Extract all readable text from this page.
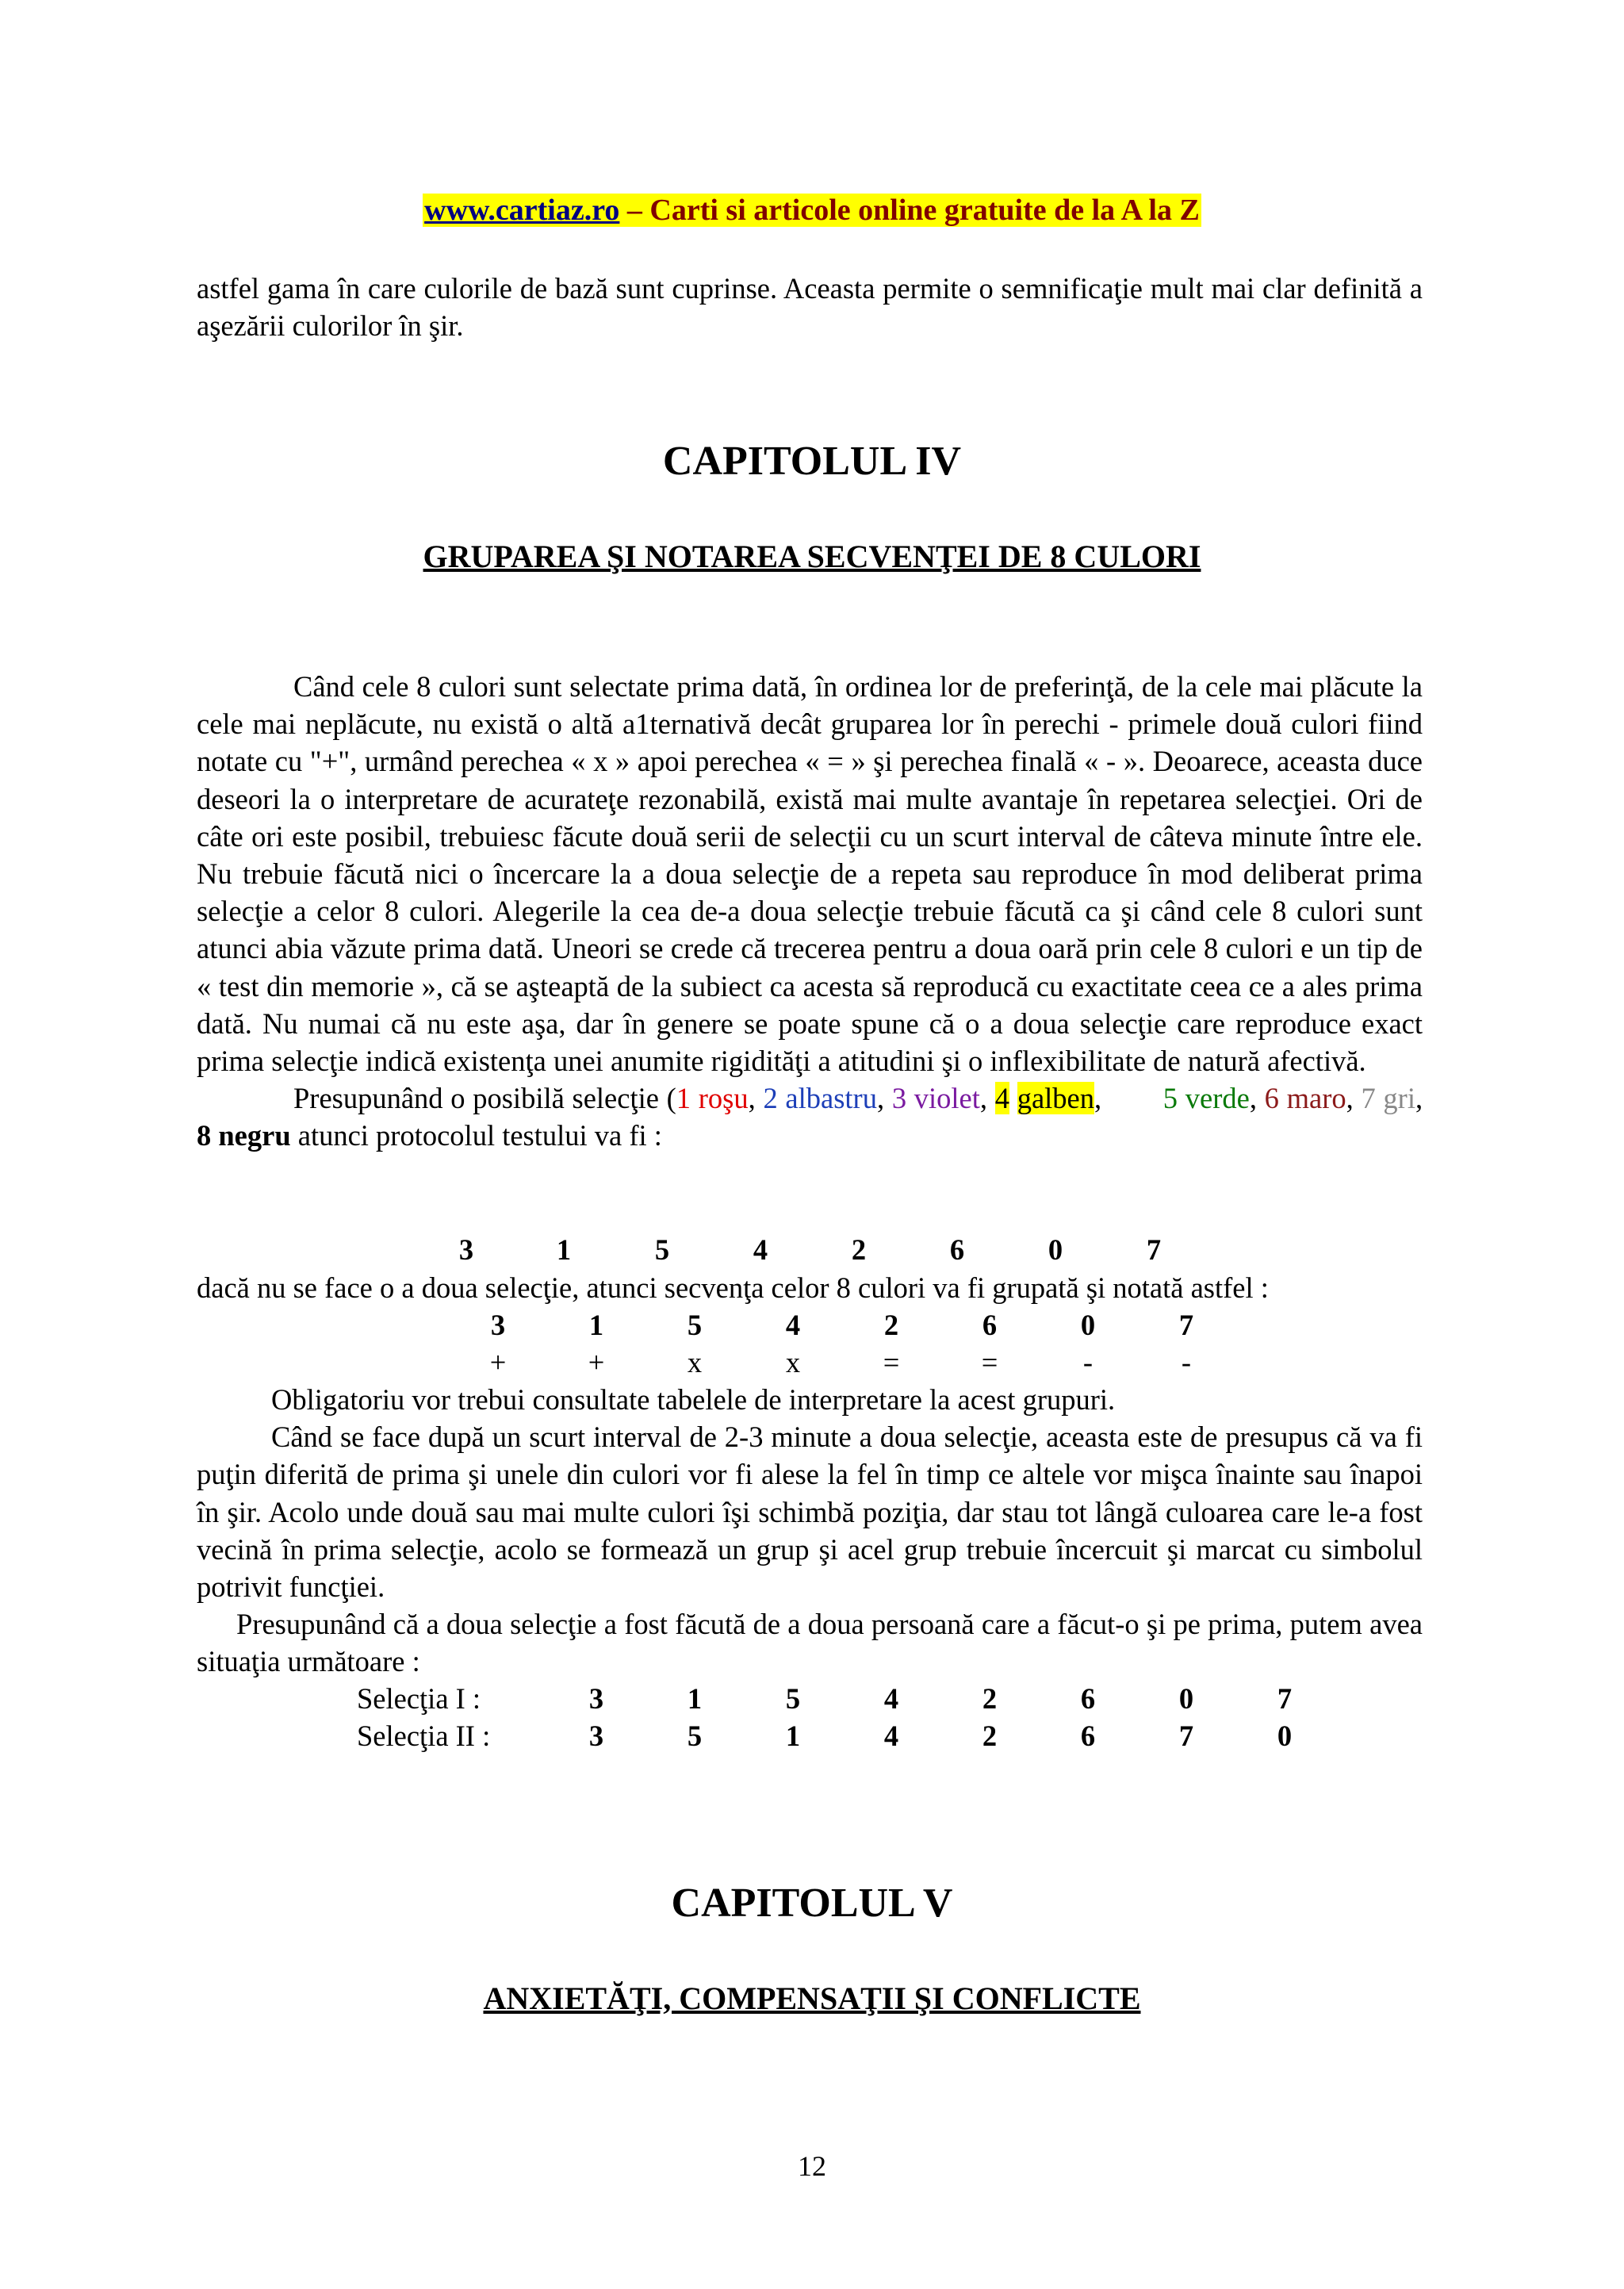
www.cartiaz.ro – Carti si articole online gratuite de la A la Z

astfel gama în care culorile de bază sunt cuprinse. Aceasta permite o semnificaţie mult mai clar definită a aşezării culorilor în şir.

CAPITOLUL IV
GRUPAREA ŞI NOTAREA SECVENŢEI DE 8 CULORI

Când cele 8 culori sunt selectate prima dată, în ordinea lor de preferinţă, de la cele mai plăcute la cele mai neplăcute, nu există o altă a1ternativă decât gruparea lor în perechi - primele două culori fiind notate cu "+", urmând perechea « x » apoi perechea « = » şi perechea finală « - ». Deoarece, aceasta duce deseori la o interpretare de acurateţe rezonabilă, există mai multe avantaje în repetarea selecţiei. Ori de câte ori este posibil, trebuiesc făcute două serii de selecţii cu un scurt interval de câteva minute între ele. Nu trebuie făcută nici o încercare la a doua selecţie de a repeta sau reproduce în mod deliberat prima selecţie a celor 8 culori. Alegerile la cea de-a doua selecţie trebuie făcută ca şi când cele 8 culori sunt atunci abia văzute prima dată. Uneori se crede că trecerea pentru a doua oară prin cele 8 culori e un tip de « test din memorie », că se aşteaptă de la subiect ca acesta să reproducă cu exactitate ceea ce a ales prima dată. Nu numai că nu este aşa, dar în genere se poate spune că o a doua selecţie care reproduce exact prima selecţie indică existenţa unei anumite rigidităţi a atitudini şi o inflexibilitate de natură afectivă.

Presupunând o posibilă selecţie (1 roşu, 2 albastru, 3 violet, 4 galben,        5 verde, 6 maro, 7 gri, 8 negru atunci protocolul testului va fi :

3	1	5	4	2	6	0	7

dacă nu se face o a doua selecţie, atunci secvenţa celor 8 culori va fi grupată şi notată astfel :

3	1	5	4	2	6	0	7
+	+	x	x	=	=	-	-

Obligatoriu vor trebui consultate tabelele de interpretare la acest grupuri.

Când se face după un scurt interval de 2-3 minute a doua selecţie, aceasta este de presupus că va fi puţin diferită de prima şi unele din culori vor fi alese la fel în timp ce altele vor mişca înainte sau înapoi în şir. Acolo unde două sau mai multe culori îşi schimbă poziţia, dar stau tot lângă culoarea care le-a fost vecină în prima selecţie, acolo se formează un grup şi acel grup trebuie încercuit şi marcat cu simbolul potrivit funcţiei.

Presupunând că a doua selecţie a fost făcută de a doua persoană care a făcut-o şi pe prima, putem avea situaţia următoare :

Selecţia I :	3	1	5	4	2	6	0	7
Selecţia II :	3	5	1	4	2	6	7	0
CAPITOLUL V
ANXIETĂŢI, COMPENSAŢII ŞI CONFLICTE
12
